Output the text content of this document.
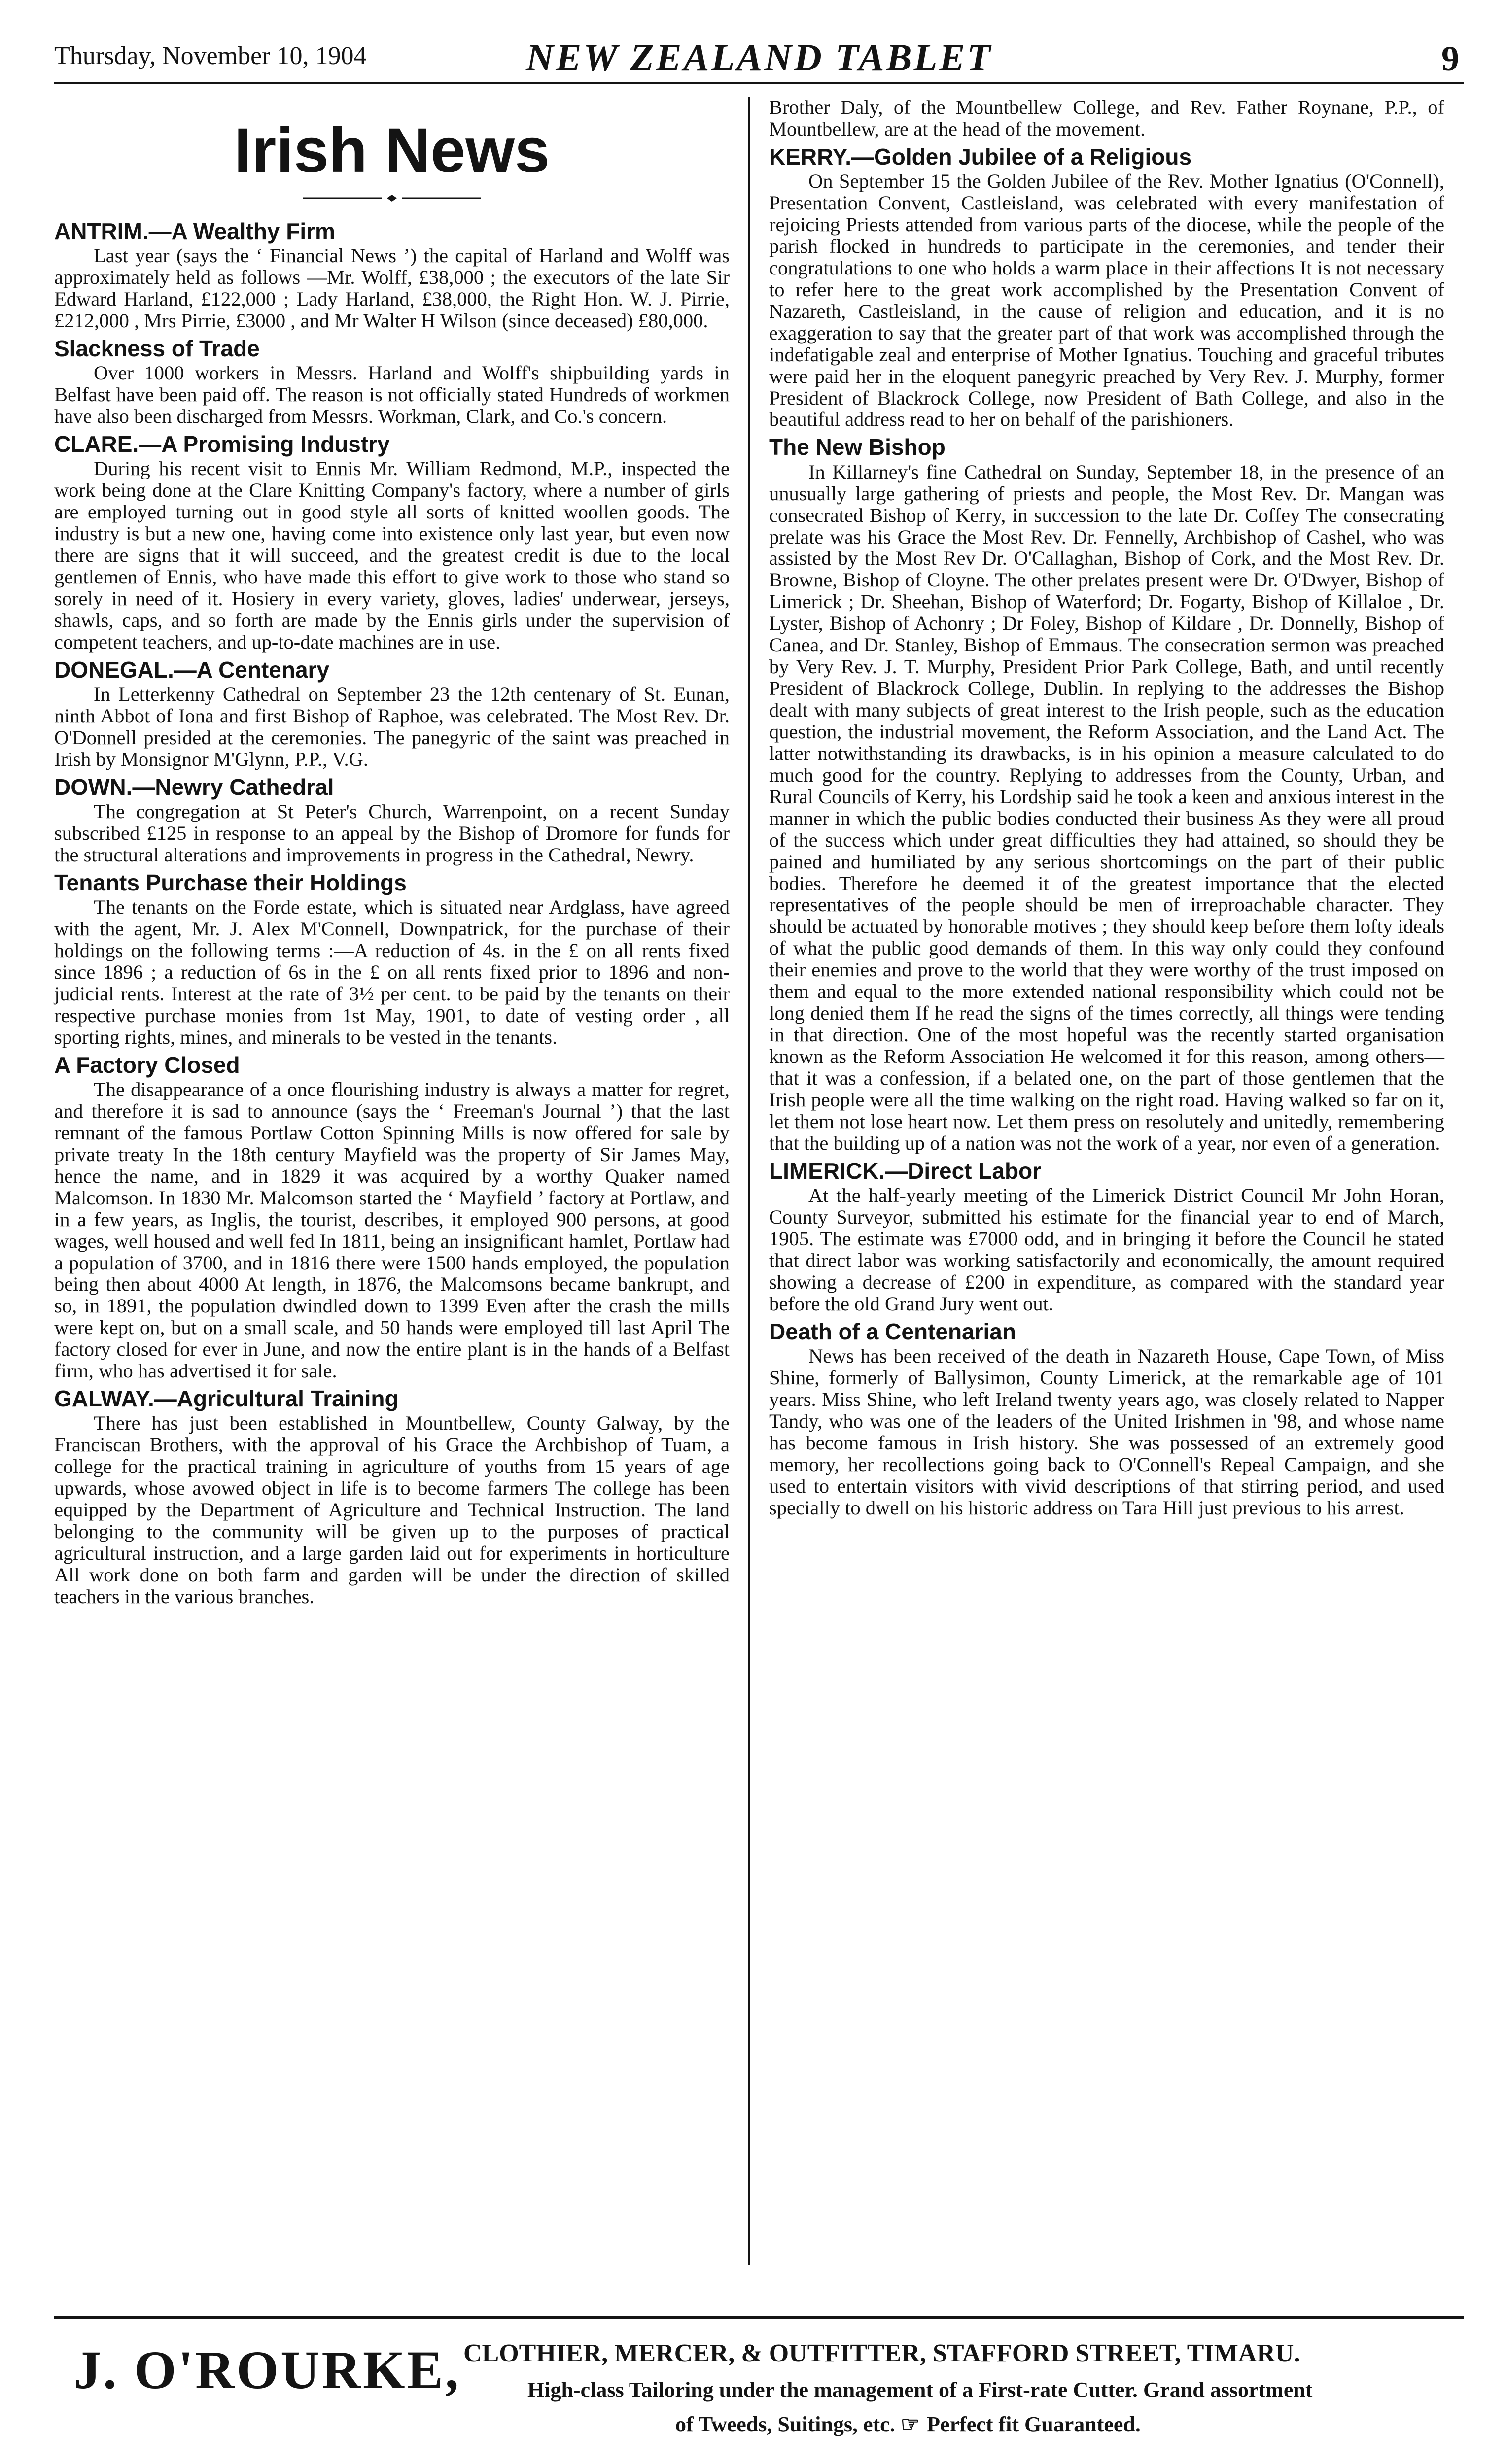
Thursday, November 10, 1904	NEW ZEALAND TABLET	9
Irish News
ANTRIM.—A Wealthy Firm

Last year (says the ‘ Financial News ’) the capital of Harland and Wolff was approximately held as follows —Mr. Wolff, £38,000 ; the executors of the late Sir Edward Harland, £122,000 ; Lady Harland, £38,000, the Right Hon. W. J. Pirrie, £212,000 , Mrs Pirrie, £3000 , and Mr Walter H Wilson (since deceased) £80,000.

Slackness of Trade

Over 1000 workers in Messrs. Harland and Wolff's shipbuilding yards in Belfast have been paid off. The reason is not officially stated Hundreds of workmen have also been discharged from Messrs. Workman, Clark, and Co.'s concern.

CLARE.—A Promising Industry

During his recent visit to Ennis Mr. William Redmond, M.P., inspected the work being done at the Clare Knitting Company's factory, where a number of girls are employed turning out in good style all sorts of knitted woollen goods. The industry is but a new one, having come into existence only last year, but even now there are signs that it will succeed, and the greatest credit is due to the local gentlemen of Ennis, who have made this effort to give work to those who stand so sorely in need of it. Hosiery in every variety, gloves, ladies' underwear, jerseys, shawls, caps, and so forth are made by the Ennis girls under the supervision of competent teachers, and up-to-date machines are in use.

DONEGAL.—A Centenary

In Letterkenny Cathedral on September 23 the 12th centenary of St. Eunan, ninth Abbot of Iona and first Bishop of Raphoe, was celebrated. The Most Rev. Dr. O'Donnell presided at the ceremonies. The panegyric of the saint was preached in Irish by Monsignor M'Glynn, P.P., V.G.

DOWN.—Newry Cathedral

The congregation at St Peter's Church, Warrenpoint, on a recent Sunday subscribed £125 in response to an appeal by the Bishop of Dromore for funds for the structural alterations and improvements in progress in the Cathedral, Newry.

Tenants Purchase their Holdings

The tenants on the Forde estate, which is situated near Ardglass, have agreed with the agent, Mr. J. Alex M'Connell, Downpatrick, for the purchase of their holdings on the following terms :—A reduction of 4s. in the £ on all rents fixed since 1896 ; a reduction of 6s in the £ on all rents fixed prior to 1896 and non-judicial rents. Interest at the rate of 3½ per cent. to be paid by the tenants on their respective purchase monies from 1st May, 1901, to date of vesting order , all sporting rights, mines, and minerals to be vested in the tenants.

A Factory Closed

The disappearance of a once flourishing industry is always a matter for regret, and therefore it is sad to announce (says the ‘ Freeman's Journal ’) that the last remnant of the famous Portlaw Cotton Spinning Mills is now offered for sale by private treaty In the 18th century Mayfield was the property of Sir James May, hence the name, and in 1829 it was acquired by a worthy Quaker named Malcomson. In 1830 Mr. Malcomson started the ‘ Mayfield ’ factory at Portlaw, and in a few years, as Inglis, the tourist, describes, it employed 900 persons, at good wages, well housed and well fed In 1811, being an insignificant hamlet, Portlaw had a population of 3700, and in 1816 there were 1500 hands employed, the population being then about 4000 At length, in 1876, the Malcomsons became bankrupt, and so, in 1891, the population dwindled down to 1399 Even after the crash the mills were kept on, but on a small scale, and 50 hands were employed till last April The factory closed for ever in June, and now the entire plant is in the hands of a Belfast firm, who has advertised it for sale.

GALWAY.—Agricultural Training

There has just been established in Mountbellew, County Galway, by the Franciscan Brothers, with the approval of his Grace the Archbishop of Tuam, a college for the practical training in agriculture of youths from 15 years of age upwards, whose avowed object in life is to become farmers The college has been equipped by the Department of Agriculture and Technical Instruction. The land belonging to the community will be given up to the purposes of practical agricultural instruction, and a large garden laid out for experiments in horticulture All work done on both farm and garden will be under the direction of skilled teachers in the various branches.

Brother Daly, of the Mountbellew College, and Rev. Father Roynane, P.P., of Mountbellew, are at the head of the movement.

KERRY.—Golden Jubilee of a Religious

On September 15 the Golden Jubilee of the Rev. Mother Ignatius (O'Connell), Presentation Convent, Castleisland, was celebrated with every manifestation of rejoicing Priests attended from various parts of the diocese, while the people of the parish flocked in hundreds to participate in the ceremonies, and tender their congratulations to one who holds a warm place in their affections It is not necessary to refer here to the great work accomplished by the Presentation Convent of Nazareth, Castleisland, in the cause of religion and education, and it is no exaggeration to say that the greater part of that work was accomplished through the indefatigable zeal and enterprise of Mother Ignatius. Touching and graceful tributes were paid her in the eloquent panegyric preached by Very Rev. J. Murphy, former President of Blackrock College, now President of Bath College, and also in the beautiful address read to her on behalf of the parishioners.

The New Bishop

In Killarney's fine Cathedral on Sunday, September 18, in the presence of an unusually large gathering of priests and people, the Most Rev. Dr. Mangan was consecrated Bishop of Kerry, in succession to the late Dr. Coffey The consecrating prelate was his Grace the Most Rev. Dr. Fennelly, Archbishop of Cashel, who was assisted by the Most Rev Dr. O'Callaghan, Bishop of Cork, and the Most Rev. Dr. Browne, Bishop of Cloyne. The other prelates present were Dr. O'Dwyer, Bishop of Limerick ; Dr. Sheehan, Bishop of Waterford; Dr. Fogarty, Bishop of Killaloe , Dr. Lyster, Bishop of Achonry ; Dr Foley, Bishop of Kildare , Dr. Donnelly, Bishop of Canea, and Dr. Stanley, Bishop of Emmaus. The consecration sermon was preached by Very Rev. J. T. Murphy, President Prior Park College, Bath, and until recently President of Blackrock College, Dublin. In replying to the addresses the Bishop dealt with many subjects of great interest to the Irish people, such as the education question, the industrial movement, the Reform Association, and the Land Act. The latter notwithstanding its drawbacks, is in his opinion a measure calculated to do much good for the country. Replying to addresses from the County, Urban, and Rural Councils of Kerry, his Lordship said he took a keen and anxious interest in the manner in which the public bodies conducted their business As they were all proud of the success which under great difficulties they had attained, so should they be pained and humiliated by any serious shortcomings on the part of their public bodies. Therefore he deemed it of the greatest importance that the elected representatives of the people should be men of irreproachable character. They should be actuated by honorable motives ; they should keep before them lofty ideals of what the public good demands of them. In this way only could they confound their enemies and prove to the world that they were worthy of the trust imposed on them and equal to the more extended national responsibility which could not be long denied them If he read the signs of the times correctly, all things were tending in that direction. One of the most hopeful was the recently started organisation known as the Reform Association He welcomed it for this reason, among others—that it was a confession, if a belated one, on the part of those gentlemen that the Irish people were all the time walking on the right road. Having walked so far on it, let them not lose heart now. Let them press on resolutely and unitedly, remembering that the building up of a nation was not the work of a year, nor even of a generation.

LIMERICK.—Direct Labor

At the half-yearly meeting of the Limerick District Council Mr John Horan, County Surveyor, submitted his estimate for the financial year to end of March, 1905. The estimate was £7000 odd, and in bringing it before the Council he stated that direct labor was working satisfactorily and economically, the amount required showing a decrease of £200 in expenditure, as compared with the standard year before the old Grand Jury went out.

Death of a Centenarian

News has been received of the death in Nazareth House, Cape Town, of Miss Shine, formerly of Ballysimon, County Limerick, at the remarkable age of 101 years. Miss Shine, who left Ireland twenty years ago, was closely related to Napper Tandy, who was one of the leaders of the United Irishmen in '98, and whose name has become famous in Irish history. She was possessed of an extremely good memory, her recollections going back to O'Connell's Repeal Campaign, and she used to entertain visitors with vivid descriptions of that stirring period, and used specially to dwell on his historic address on Tara Hill just previous to his arrest.

J. O'ROURKE, CLOTHIER, MERCER, & OUTFITTER, STAFFORD STREET, TIMARU.
High-class Tailoring under the management of a First-rate Cutter. Grand assortment
of Tweeds, Suitings, etc. ☞ Perfect fit Guaranteed.
